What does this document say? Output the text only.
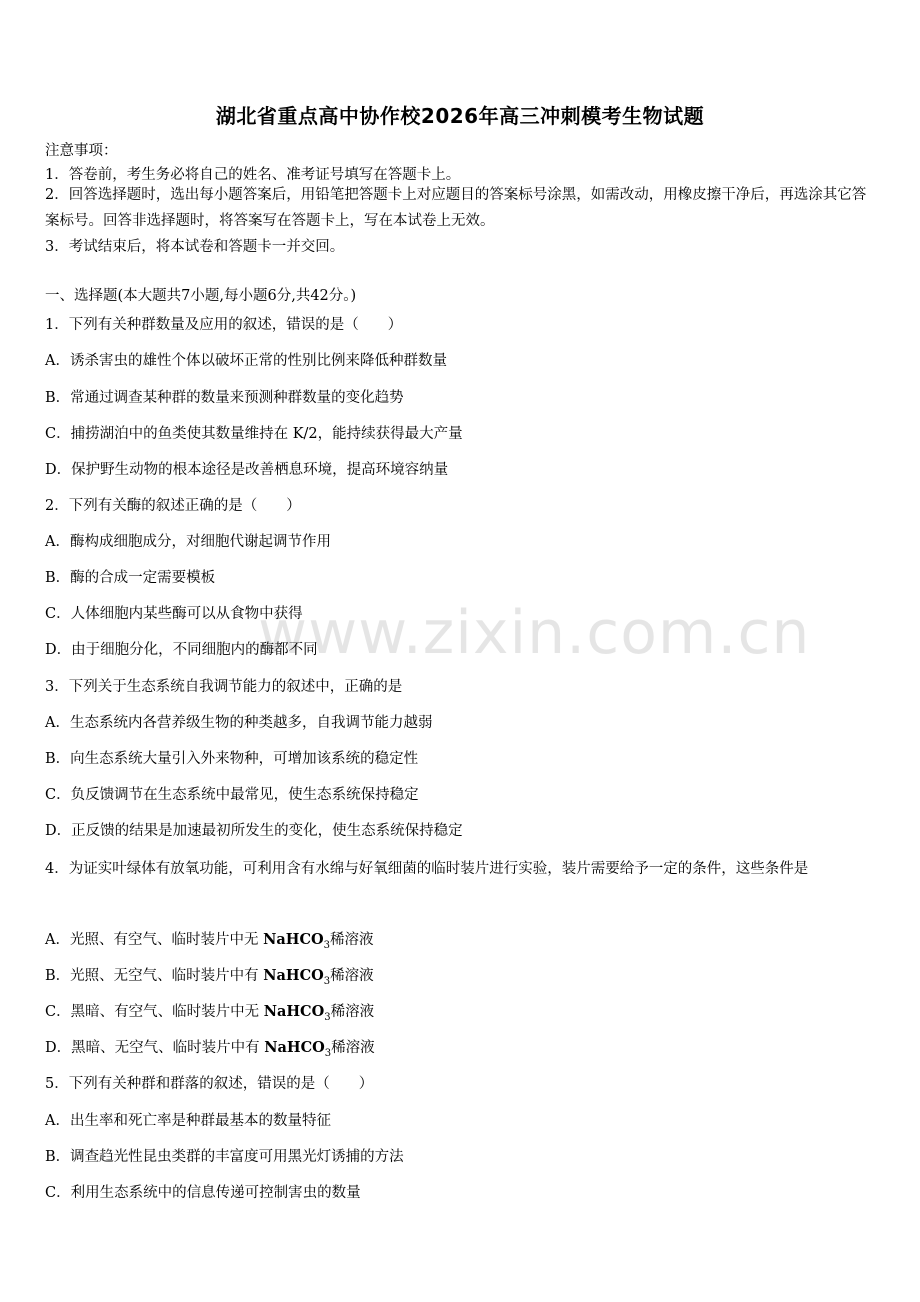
湖北省重点高中协作校2026年高三冲刺模考生物试题
注意事项：
1．答卷前，考生务必将自己的姓名、准考证号填写在答题卡上。
2．回答选择题时，选出每小题答案后，用铅笔把答题卡上对应题目的答案标号涂黑，如需改动，用橡皮擦干净后，再选涂其它答案标号。回答非选择题时，将答案写在答题卡上，写在本试卷上无效。
3．考试结束后，将本试卷和答题卡一并交回。
一、选择题(本大题共7小题,每小题6分,共42分。)
1．下列有关种群数量及应用的叙述，错误的是（　　）
A．诱杀害虫的雄性个体以破坏正常的性别比例来降低种群数量
B．常通过调查某种群的数量来预测种群数量的变化趋势
C．捕捞湖泊中的鱼类使其数量维持在 K/2，能持续获得最大产量
D．保护野生动物的根本途径是改善栖息环境，提高环境容纳量
2．下列有关酶的叙述正确的是（　　）
A．酶构成细胞成分，对细胞代谢起调节作用
B．酶的合成一定需要模板
C．人体细胞内某些酶可以从食物中获得
D．由于细胞分化，不同细胞内的酶都不同
3．下列关于生态系统自我调节能力的叙述中，正确的是
A．生态系统内各营养级生物的种类越多，自我调节能力越弱
B．向生态系统大量引入外来物种，可增加该系统的稳定性
C．负反馈调节在生态系统中最常见，使生态系统保持稳定
D．正反馈的结果是加速最初所发生的变化，使生态系统保持稳定
4．为证实叶绿体有放氧功能，可利用含有水绵与好氧细菌的临时装片进行实验，装片需要给予一定的条件，这些条件是
A．光照、有空气、临时装片中无 NaHCO$_3$稀溶液
B．光照、无空气、临时装片中有 NaHCO$_3$稀溶液
C．黑暗、有空气、临时装片中无 NaHCO$_3$稀溶液
D．黑暗、无空气、临时装片中有 NaHCO$_3$稀溶液
5．下列有关种群和群落的叙述，错误的是（　　）
A．出生率和死亡率是种群最基本的数量特征
B．调查趋光性昆虫类群的丰富度可用黑光灯诱捕的方法
C．利用生态系统中的信息传递可控制害虫的数量
www.zixin.com.cn
